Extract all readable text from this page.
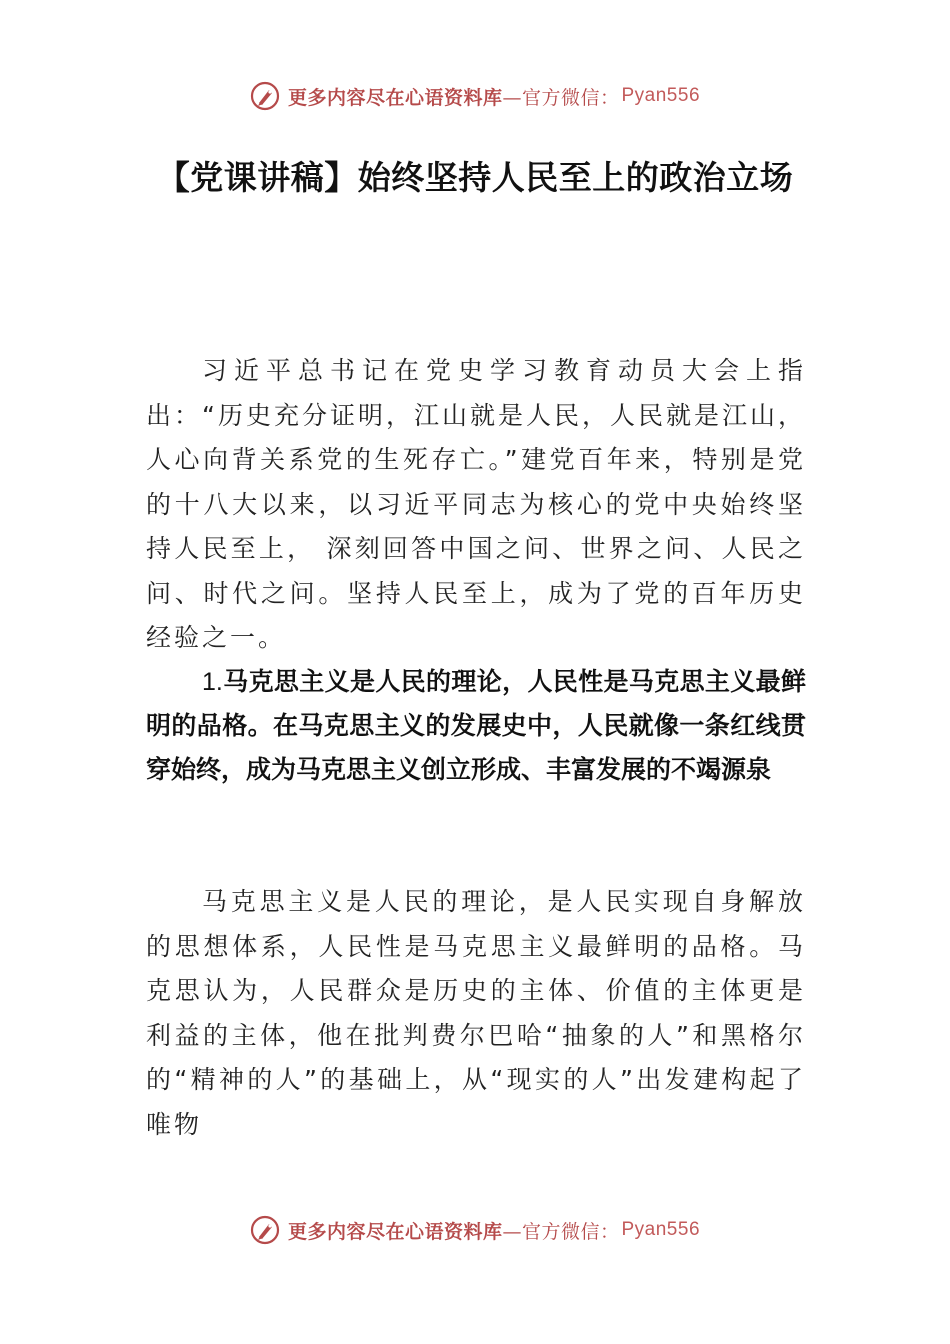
更多内容尽在心语资料库 —官方微信： Pyan556
【党课讲稿】始终坚持人民至上的政治立场

习近平总书记在党史学习教育动员大会上指出：“历史充分证明，江山就是人民，人民就是江山，人心向背关系党的生死存亡。”建党百年来，特别是党的十八大以来，以习近平同志为核心的党中央始终坚持人民至上， 深刻回答中国之问、世界之问、人民之问、时代之问。坚持人民至上，成为了党的百年历史经验之一。

1.马克思主义是人民的理论，人民性是马克思主义最鲜明的品格。在马克思主义的发展史中，人民就像一条红线贯穿始终，成为马克思主义创立形成、丰富发展的不竭源泉

马克思主义是人民的理论，是人民实现自身解放的思想体系，人民性是马克思主义最鲜明的品格。马克思认为，人民群众是历史的主体、价值的主体更是利益的主体，他在批判费尔巴哈“抽象的人”和黑格尔的“精神的人”的基础上，从“现实的人”出发建构起了唯物

更多内容尽在心语资料库 —官方微信： Pyan556
